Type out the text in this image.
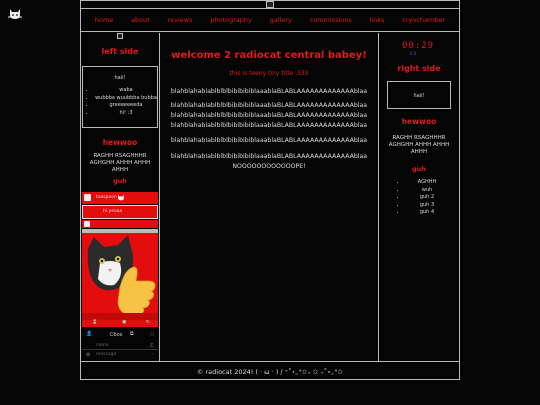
home	about	reviews	photography	gallery	commissions	links	cryochamber
left side
haii!
• waba
• wubbba wuubbba bubba
• greeeeeeeda
• hi! :3
hewwoo
RAGHH RSAGHHHR AGHGHH AHHH AHHH AHHH
guh
teaspoon
hi yeaaa
⌛	▣	↻
👤	Cbox ⧉	○
name	⚿
⚙ message	›
welcome 2 radiocat central babey!
this is teeny tiny title :333
blahblahablablblblbibibibiblaaablaBLABLAAAAAAAAAAAAAblaa
blahblahablablblblbibibibiblaaablaBLABLAAAAAAAAAAAAAblaa
blahblahablablblblbibibibiblaaablaBLABLAAAAAAAAAAAAAblaa
blahblahablablblblbibibibiblaaablaBLABLAAAAAAAAAAAAAblaa
blahblahablablblblbibibibiblaaablaBLABLAAAAAAAAAAAAAblaa
blahblahablablblblbibibibiblaaablaBLABLAAAAAAAAAAAAAblaa
NOOOOOOOOOOOOPE!
00:29
0 0
right side
haii!
hewwoo
RAGHH RSAGHHHR AGHGHH AHHH AHHH AHHH
guh
• AGHHH
• wuh
• guh 2
• guh 3
• guh 4
© radiocat 2024! ( · ω · ) / ⁺˚⋆｡°✩₊ ✩ ₊˚⋆｡°✩
